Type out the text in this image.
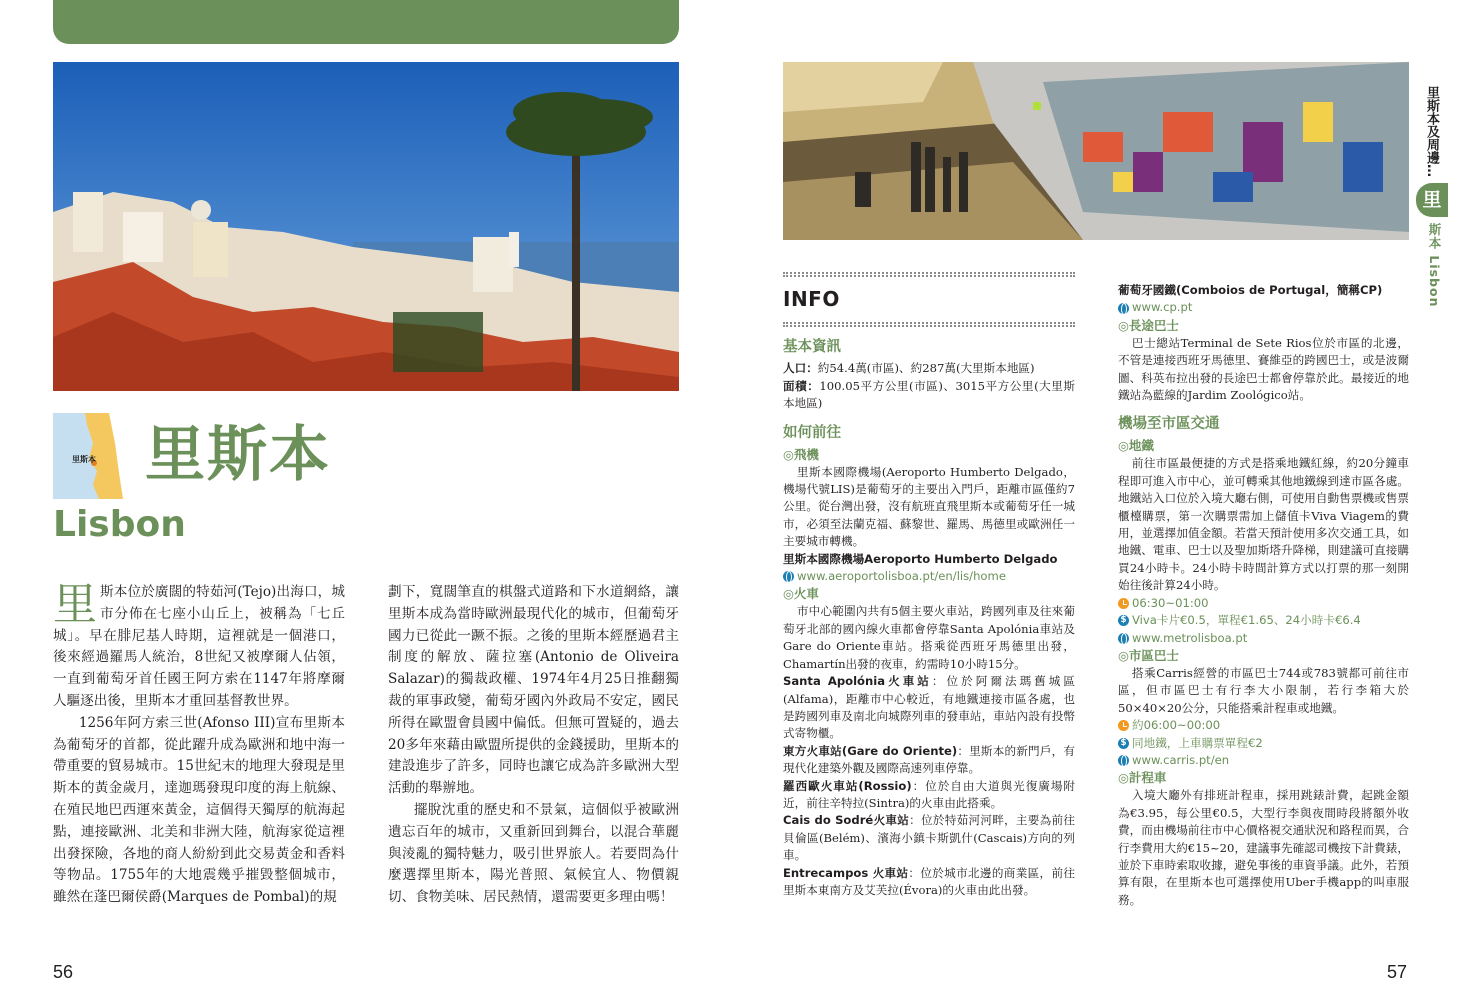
里斯本 里斯本
Lisbon

里斯本位於廣闊的特茹河(Tejo)出海口，城市分佈在七座小山丘上，被稱為「七丘城」。早在腓尼基人時期，這裡就是一個港口，後來經過羅馬人統治，8世紀又被摩爾人佔領，一直到葡萄牙首任國王阿方索在1147年將摩爾人驅逐出後，里斯本才重回基督教世界。

1256年阿方索三世(Afonso III)宣布里斯本為葡萄牙的首都，從此躍升成為歐洲和地中海一帶重要的貿易城市。15世紀末的地理大發現是里斯本的黃金歲月，達迦瑪發現印度的海上航線、在殖民地巴西運來黃金，這個得天獨厚的航海起點，連接歐洲、北美和非洲大陸，航海家從這裡出發探險，各地的商人紛紛到此交易黃金和香料等物品。1755年的大地震幾乎摧毀整個城市，雖然在蓬巴爾侯爵(Marques de Pombal)的規

劃下，寬闊筆直的棋盤式道路和下水道網絡，讓里斯本成為當時歐洲最現代化的城市，但葡萄牙國力已從此一蹶不振。之後的里斯本經歷過君主制度的解放、薩拉塞(Antonio de Oliveira Salazar)的獨裁政權、1974年4月25日推翻獨裁的軍事政變，葡萄牙國內外政局不安定，國民所得在歐盟會員國中偏低。但無可置疑的，過去20多年來藉由歐盟所提供的金錢援助，里斯本的建設進步了許多，同時也讓它成為許多歐洲大型活動的舉辦地。

擺脫沈重的歷史和不景氣，這個似乎被歐洲遺忘百年的城市，又重新回到舞台，以混合華麗與淩亂的獨特魅力，吸引世界旅人。若要問為什麼選擇里斯本，陽光普照、氣候宜人、物價親切、食物美味、居民熱情，還需要更多理由嗎！

56
里斯本及周邊…
里
斯本 Lisbon
INFO
基本資訊
人口：約54.4萬(市區)、約287萬(大里斯本地區)
面積：100.05平方公里(市區)、3015平方公里(大里斯本地區)
如何前往
◎飛機
里斯本國際機場(Aeroporto Humberto Delgado，機場代號LIS)是葡萄牙的主要出入門戶，距離市區僅約7公里。從台灣出發，沒有航班直飛里斯本或葡萄牙任一城市，必須至法蘭克福、蘇黎世、羅馬、馬德里或歐洲任一主要城市轉機。
里斯本國際機場Aeroporto Humberto Delgado
www.aeroportolisboa.pt/en/lis/home
◎火車
市中心範圍內共有5個主要火車站，跨國列車及往來葡萄牙北部的國內線火車都會停靠Santa Apolónia車站及Gare do Oriente車站。搭乘從西班牙馬德里出發，Chamartín出發的夜車，約需時10小時15分。
Santa Apolónia火車站：位於阿爾法瑪舊城區(Alfama)，距離市中心較近，有地鐵連接市區各處，也是跨國列車及南北向城際列車的發車站，車站內設有投幣式寄物櫃。
東方火車站(Gare do Oriente)：里斯本的新門戶，有現代化建築外觀及國際高速列車停靠。
羅西歐火車站(Rossio)：位於自由大道與光復廣場附近，前往辛特拉(Sintra)的火車由此搭乘。
Cais do Sodré火車站：位於特茹河河畔，主要為前往貝倫區(Belém)、濱海小鎮卡斯凱什(Cascais)方向的列車。
Entrecampos 火車站：位於城市北邊的商業區，前往里斯本東南方及艾芙拉(Évora)的火車由此出發。
葡萄牙國鐵(Comboios de Portugal，簡稱CP)
www.cp.pt
◎長途巴士
巴士總站Terminal de Sete Rios位於市區的北邊，不管是連接西班牙馬德里、賽維亞的跨國巴士，或是波爾圖、科英布拉出發的長途巴士都會停靠於此。最接近的地鐵站為藍線的Jardim Zoológico站。
機場至市區交通
◎地鐵
前往市區最便捷的方式是搭乘地鐵紅線，約20分鐘車程即可進入市中心，並可轉乘其他地鐵線到達市區各處。地鐵站入口位於入境大廳右側，可使用自動售票機或售票櫃檯購票，第一次購票需加上儲值卡Viva Viagem的費用，並選擇加值金額。若當天預計使用多次交通工具，如地鐵、電車、巴士以及聖加斯塔升降梯，則建議可直接購買24小時卡。24小時卡時間計算方式以打票的那一刻開始往後計算24小時。
06:30~01:00
$ Viva卡片€0.5，單程€1.65、24小時卡€6.4
www.metrolisboa.pt
◎市區巴士
搭乘Carris經營的市區巴士744或783號都可前往市區，但市區巴士有行李大小限制，若行李箱大於50×40×20公分，只能搭乘計程車或地鐵。
約06:00~00:00
$ 同地鐵，上車購票單程€2
www.carris.pt/en
◎計程車
入境大廳外有排班計程車，採用跳錶計費，起跳金額為€3.95，每公里€0.5，大型行李與夜間時段將額外收費，而由機場前往市中心價格視交通狀況和路程而異，合行李費用大約€15~20，建議事先確認司機按下計費錶，並於下車時索取收據，避免事後的車資爭議。此外，若預算有限，在里斯本也可選擇使用Uber手機app的叫車服務。
57
